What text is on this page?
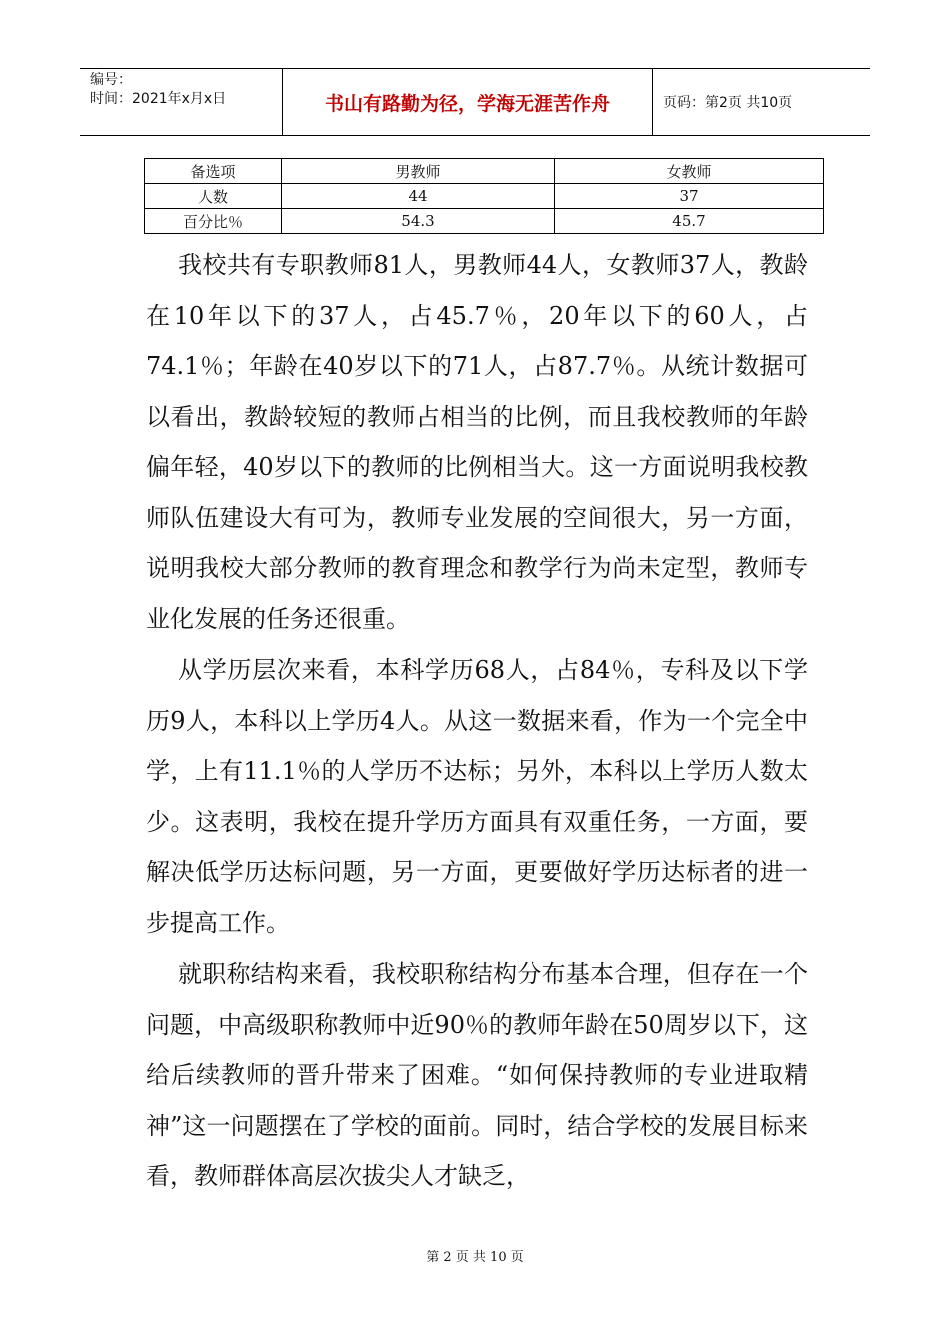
编号：
时间：2021年x月x日	书山有路勤为径，学海无涯苦作舟	页码：第2页 共10页
备选项	男教师	女教师
人数	44	37
百分比％	54.3	45.7

我校共有专职教师81人，男教师44人，女教师37人，教龄在10年以下的37人，占45.7％，20年以下的60人，占74.1％；年龄在40岁以下的71人，占87.7％。从统计数据可以看出，教龄较短的教师占相当的比例，而且我校教师的年龄偏年轻，40岁以下的教师的比例相当大。这一方面说明我校教师队伍建设大有可为，教师专业发展的空间很大，另一方面，说明我校大部分教师的教育理念和教学行为尚未定型，教师专业化发展的任务还很重。

从学历层次来看，本科学历68人，占84％，专科及以下学历9人，本科以上学历4人。从这一数据来看，作为一个完全中学，上有11.1％的人学历不达标；另外，本科以上学历人数太少。这表明，我校在提升学历方面具有双重任务，一方面，要解决低学历达标问题，另一方面，更要做好学历达标者的进一步提高工作。

就职称结构来看，我校职称结构分布基本合理，但存在一个问题，中高级职称教师中近90％的教师年龄在50周岁以下，这给后续教师的晋升带来了困难。“如何保持教师的专业进取精神”这一问题摆在了学校的面前。同时，结合学校的发展目标来看，教师群体高层次拔尖人才缺乏，

第 2 页 共 10 页
